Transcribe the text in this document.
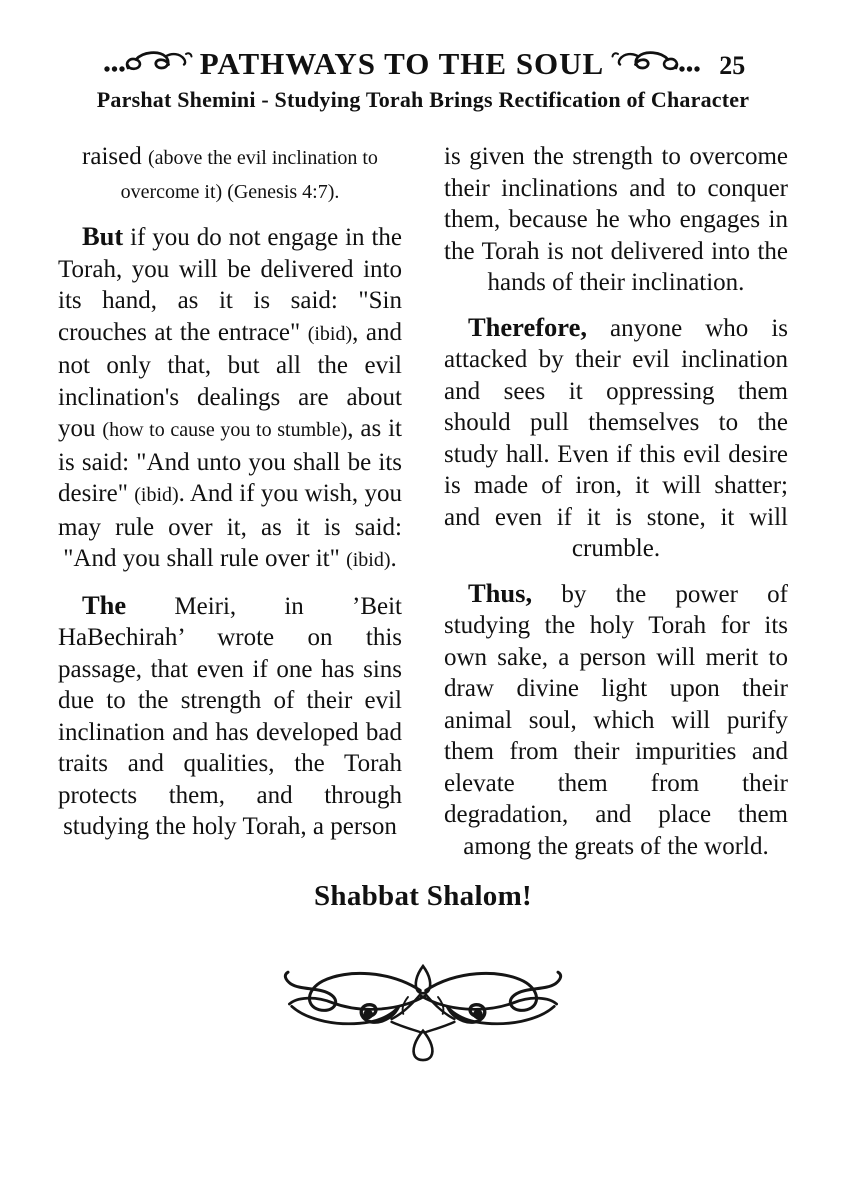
PATHWAYS TO THE SOUL	25
Parshat Shemini - Studying Torah Brings Rectification of Character

raised (above the evil inclination to overcome it) (Genesis 4:7).

But if you do not engage in the Torah, you will be delivered into its hand, as it is said: "Sin crouches at the entrace" (ibid), and not only that, but all the evil inclination's dealings are about you (how to cause you to stumble), as it is said: "And unto you shall be its desire" (ibid). And if you wish, you may rule over it, as it is said: "And you shall rule over it" (ibid).

The Meiri, in ’Beit HaBechirah’ wrote on this passage, that even if one has sins due to the strength of their evil inclination and has developed bad traits and qualities, the Torah protects them, and through studying the holy Torah, a person

is given the strength to overcome their inclinations and to conquer them, because he who engages in the Torah is not delivered into the hands of their inclination.

Therefore, anyone who is attacked by their evil inclination and sees it oppressing them should pull themselves to the study hall. Even if this evil desire is made of iron, it will shatter; and even if it is stone, it will crumble.

Thus, by the power of studying the holy Torah for its own sake, a person will merit to draw divine light upon their animal soul, which will purify them from their impurities and elevate them from their degradation, and place them among the greats of the world.

Shabbat Shalom!
